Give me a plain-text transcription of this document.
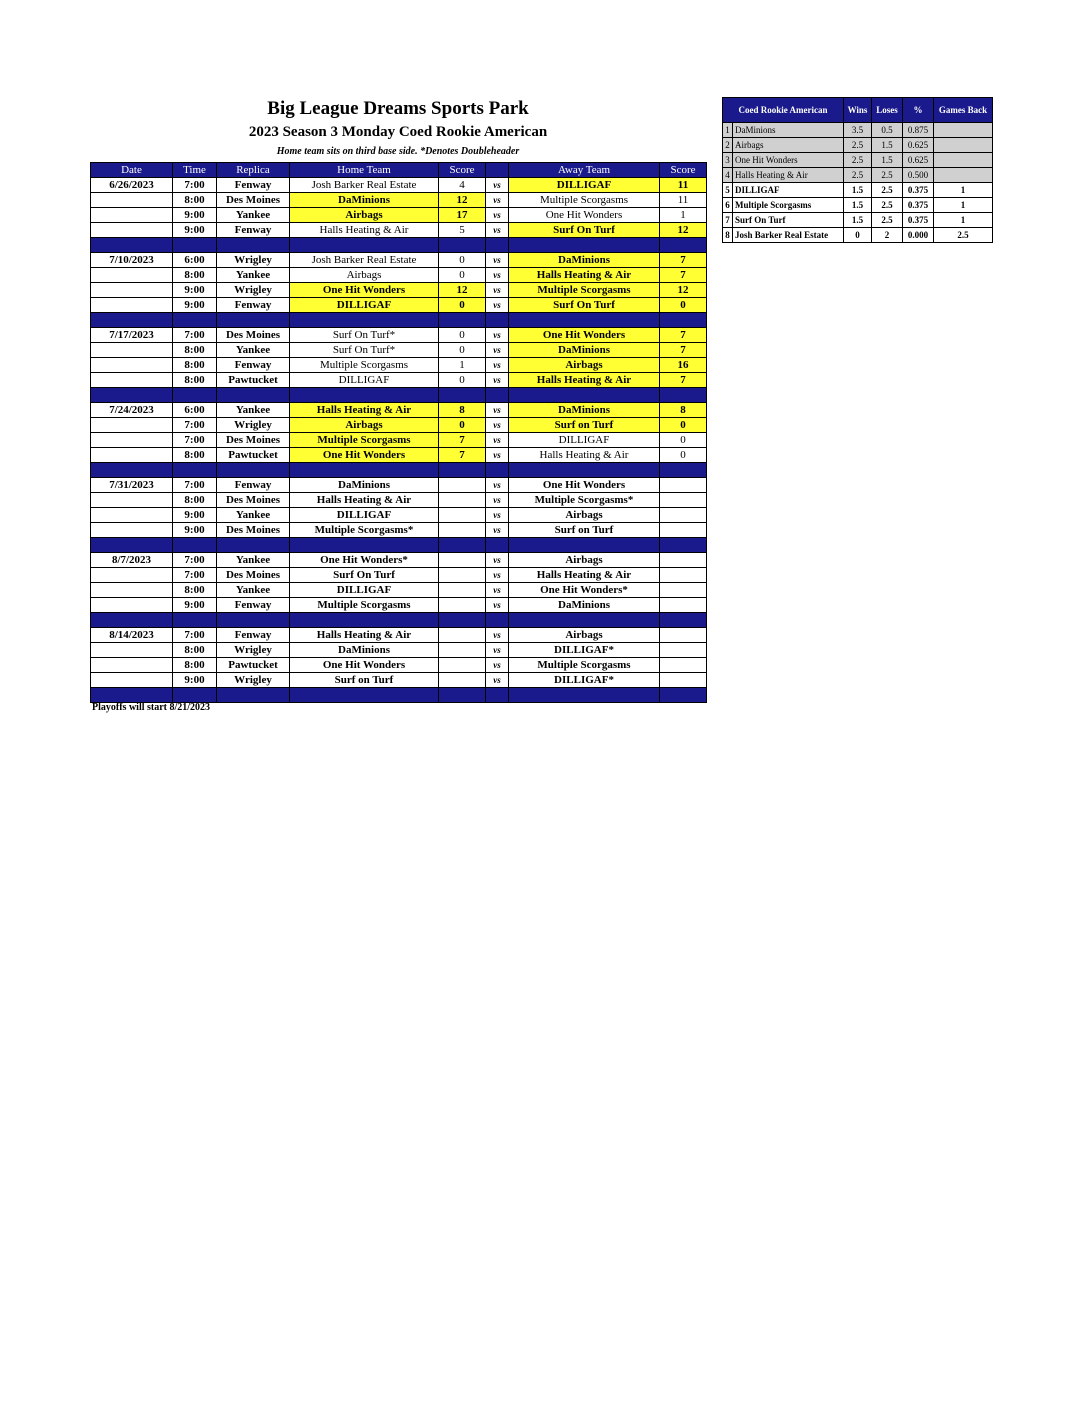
Big League Dreams Sports Park
2023 Season 3 Monday Coed Rookie American
Home team sits on third base side. *Denotes Doubleheader
Date	Time	Replica	Home Team	Score		Away Team	Score
6/26/2023	7:00	Fenway	Josh Barker Real Estate	4	vs	DILLIGAF	11
	8:00	Des Moines	DaMinions	12	vs	Multiple Scorgasms	11
	9:00	Yankee	Airbags	17	vs	One Hit Wonders	1
	9:00	Fenway	Halls Heating & Air	5	vs	Surf On Turf	12

7/10/2023	6:00	Wrigley	Josh Barker Real Estate	0	vs	DaMinions	7
	8:00	Yankee	Airbags	0	vs	Halls Heating & Air	7
	9:00	Wrigley	One Hit Wonders	12	vs	Multiple Scorgasms	12
	9:00	Fenway	DILLIGAF	0	vs	Surf On Turf	0

7/17/2023	7:00	Des Moines	Surf On Turf*	0	vs	One Hit Wonders	7
	8:00	Yankee	Surf On Turf*	0	vs	DaMinions	7
	8:00	Fenway	Multiple Scorgasms	1	vs	Airbags	16
	8:00	Pawtucket	DILLIGAF	0	vs	Halls Heating & Air	7

7/24/2023	6:00	Yankee	Halls Heating & Air	8	vs	DaMinions	8
	7:00	Wrigley	Airbags	0	vs	Surf on Turf	0
	7:00	Des Moines	Multiple Scorgasms	7	vs	DILLIGAF	0
	8:00	Pawtucket	One Hit Wonders	7	vs	Halls Heating & Air	0

7/31/2023	7:00	Fenway	DaMinions		vs	One Hit Wonders	
	8:00	Des Moines	Halls Heating & Air		vs	Multiple Scorgasms*	
	9:00	Yankee	DILLIGAF		vs	Airbags	
	9:00	Des Moines	Multiple Scorgasms*		vs	Surf on Turf	

8/7/2023	7:00	Yankee	One Hit Wonders*		vs	Airbags	
	7:00	Des Moines	Surf On Turf		vs	Halls Heating & Air	
	8:00	Yankee	DILLIGAF		vs	One Hit Wonders*	
	9:00	Fenway	Multiple Scorgasms		vs	DaMinions	

8/14/2023	7:00	Fenway	Halls Heating & Air		vs	Airbags	
	8:00	Wrigley	DaMinions		vs	DILLIGAF*	
	8:00	Pawtucket	One Hit Wonders		vs	Multiple Scorgasms	
	9:00	Wrigley	Surf on Turf		vs	DILLIGAF*	

Playoffs will start 8/21/2023
Coed Rookie American		Wins	Loses	%	Games Back
1	DaMinions	3.5	0.5	0.875	
2	Airbags	2.5	1.5	0.625	
3	One Hit Wonders	2.5	1.5	0.625	
4	Halls Heating & Air	2.5	2.5	0.500	
5	DILLIGAF	1.5	2.5	0.375	1
6	Multiple Scorgasms	1.5	2.5	0.375	1
7	Surf On Turf	1.5	2.5	0.375	1
8	Josh Barker Real Estate	0	2	0.000	2.5
